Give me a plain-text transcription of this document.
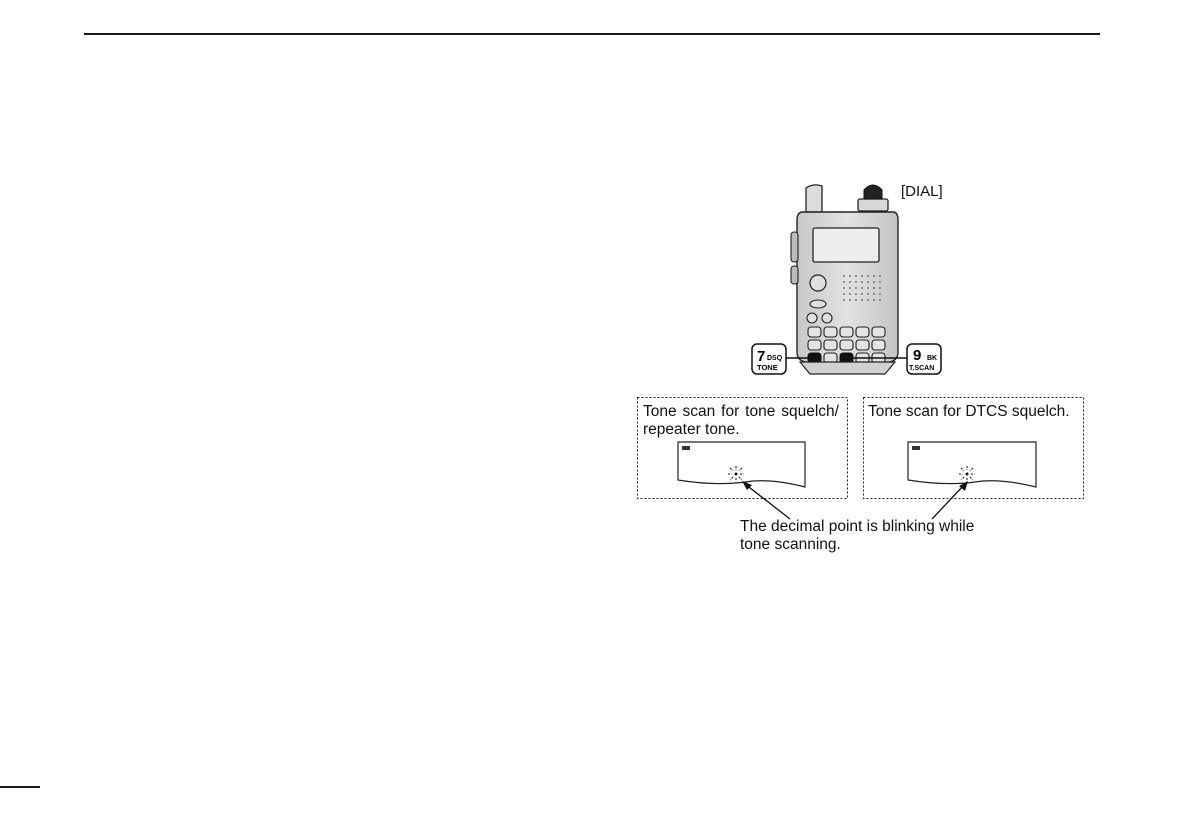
7 DSQ
TONE
9 BK
T.SCAN
[DIAL]
Tone scan for tone squelch/ repeater tone.
Tone scan for DTCS squelch.
The decimal point is blinking while
tone scanning.
